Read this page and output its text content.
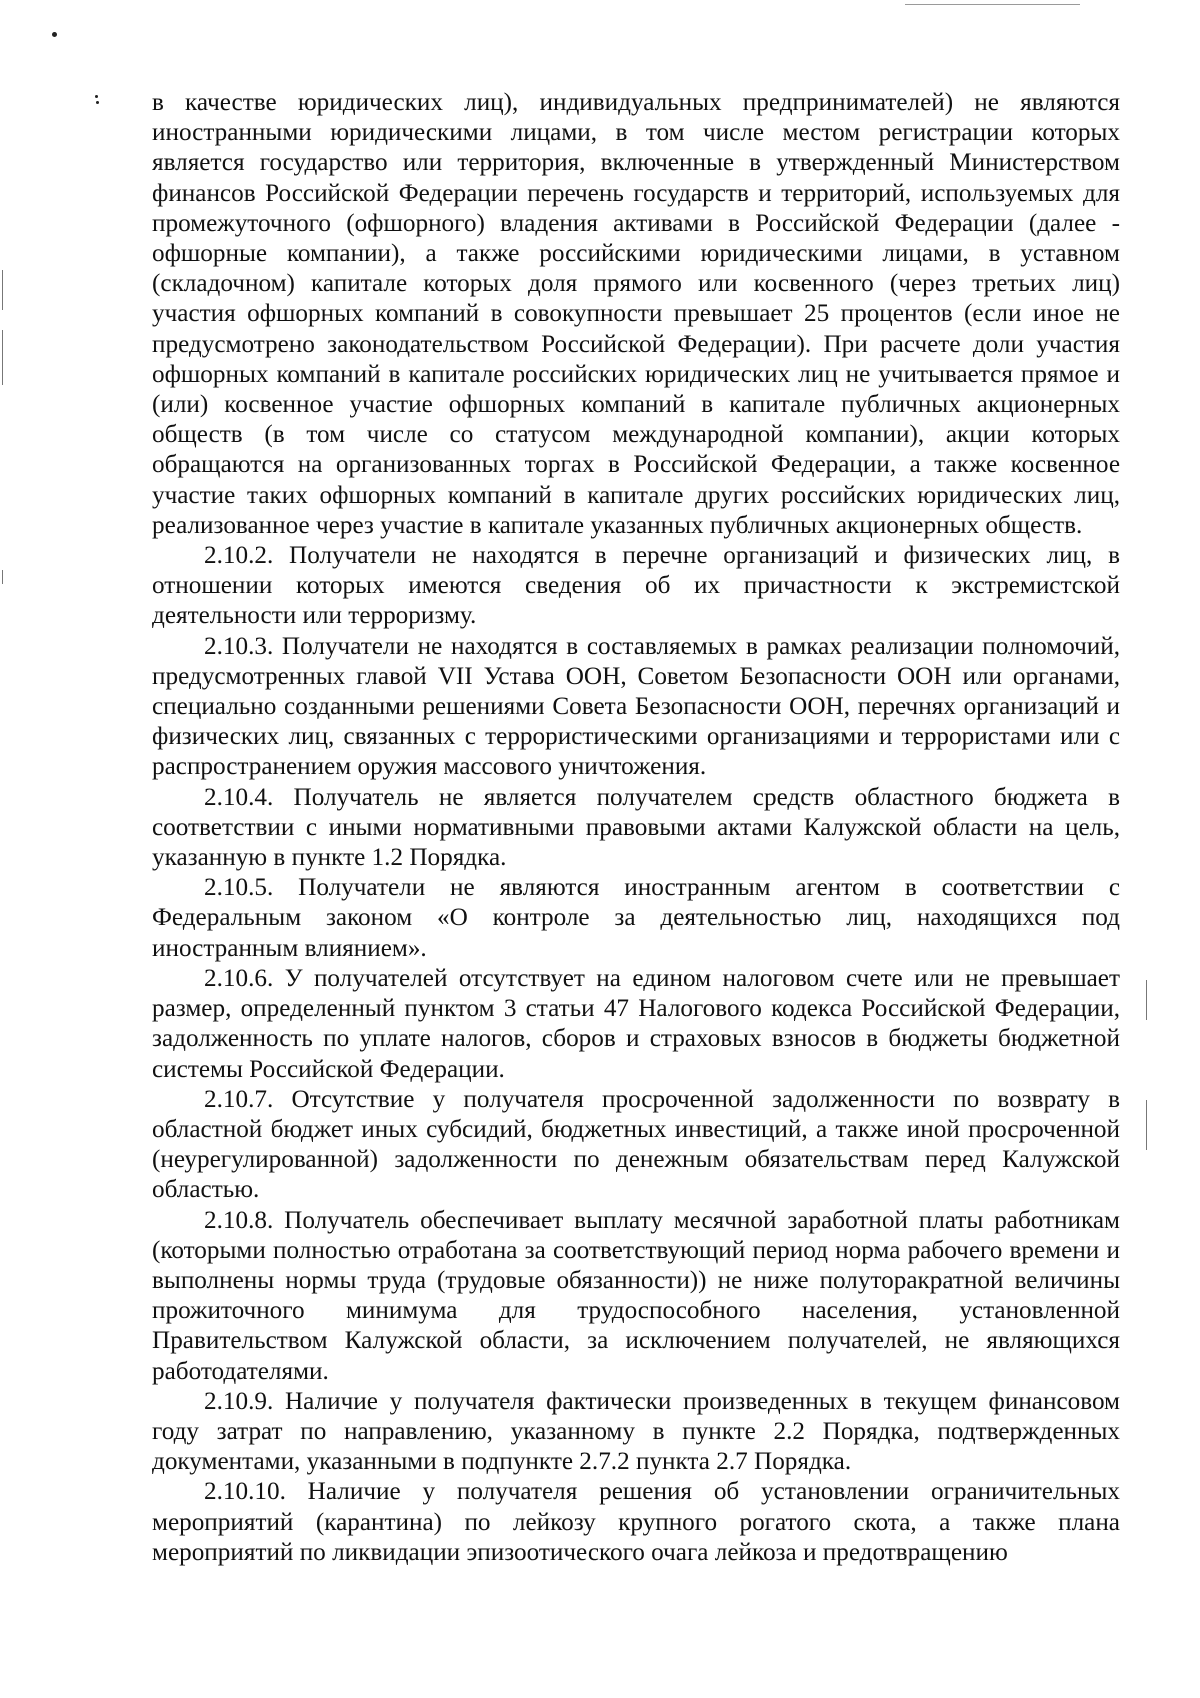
в качестве юридических лиц), индивидуальных предпринимателей) не являются иностранными юридическими лицами, в том числе местом регистрации которых является государство или территория, включенные в утвержденный Министерством финансов Российской Федерации перечень государств и территорий, используемых для промежуточного (офшорного) владения активами в Российской Федерации (далее - офшорные компании), а также российскими юридическими лицами, в уставном (складочном) капитале которых доля прямого или косвенного (через третьих лиц) участия офшорных компаний в совокупности превышает 25 процентов (если иное не предусмотрено законодательством Российской Федерации). При расчете доли участия офшорных компаний в капитале российских юридических лиц не учитывается прямое и (или) косвенное участие офшорных компаний в капитале публичных акционерных обществ (в том числе со статусом международной компании), акции которых обращаются на организованных торгах в Российской Федерации, а также косвенное участие таких офшорных компаний в капитале других российских юридических лиц, реализованное через участие в капитале указанных публичных акционерных обществ.

2.10.2. Получатели не находятся в перечне организаций и физических лиц, в отношении которых имеются сведения об их причастности к экстремистской деятельности или терроризму.

2.10.3. Получатели не находятся в составляемых в рамках реализации полномочий, предусмотренных главой VII Устава ООН, Советом Безопасности ООН или органами, специально созданными решениями Совета Безопасности ООН, перечнях организаций и физических лиц, связанных с террористическими организациями и террористами или с распространением оружия массового уничтожения.

2.10.4. Получатель не является получателем средств областного бюджета в соответствии с иными нормативными правовыми актами Калужской области на цель, указанную в пункте 1.2 Порядка.

2.10.5. Получатели не являются иностранным агентом в соответствии с Федеральным законом «О контроле за деятельностью лиц, находящихся под иностранным влиянием».

2.10.6. У получателей отсутствует на едином налоговом счете или не превышает размер, определенный пунктом 3 статьи 47 Налогового кодекса Российской Федерации, задолженность по уплате налогов, сборов и страховых взносов в бюджеты бюджетной системы Российской Федерации.

2.10.7. Отсутствие у получателя просроченной задолженности по возврату в областной бюджет иных субсидий, бюджетных инвестиций, а также иной просроченной (неурегулированной) задолженности по денежным обязательствам перед Калужской областью.

2.10.8. Получатель обеспечивает выплату месячной заработной платы работникам (которыми полностью отработана за соответствующий период норма рабочего времени и выполнены нормы труда (трудовые обязанности)) не ниже полуторакратной величины прожиточного минимума для трудоспособного населения, установленной Правительством Калужской области, за исключением получателей, не являющихся работодателями.

2.10.9. Наличие у получателя фактически произведенных в текущем финансовом году затрат по направлению, указанному в пункте 2.2 Порядка, подтвержденных документами, указанными в подпункте 2.7.2 пункта 2.7 Порядка.

2.10.10. Наличие у получателя решения об установлении ограничительных мероприятий (карантина) по лейкозу крупного рогатого скота, а также плана мероприятий по ликвидации эпизоотического очага лейкоза и предотвращению
